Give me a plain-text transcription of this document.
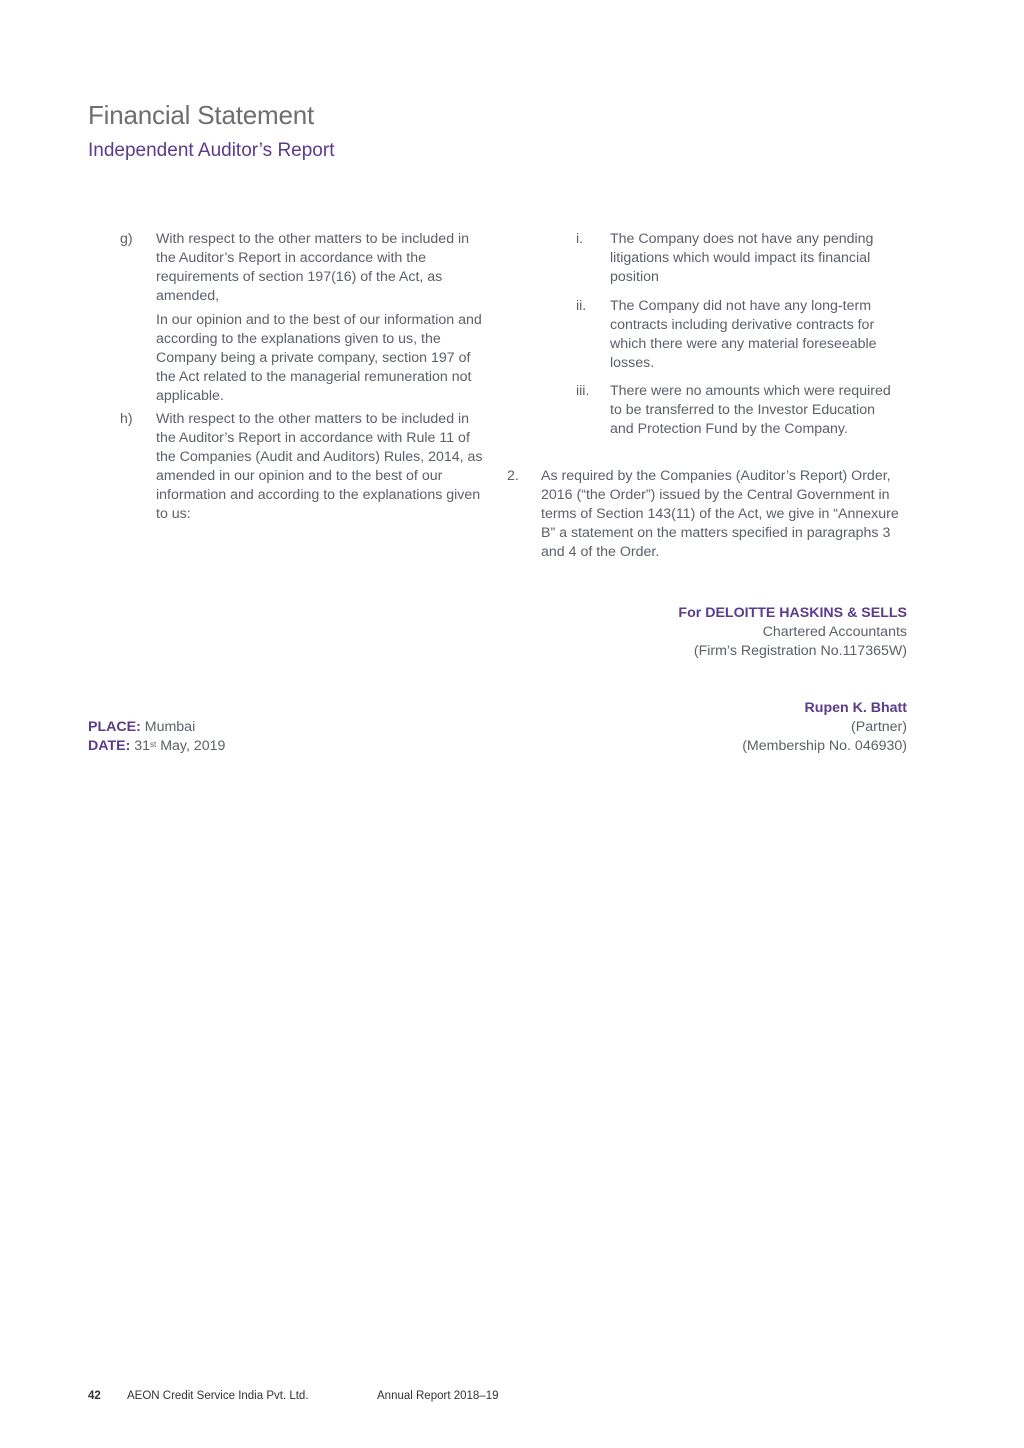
Financial Statement
Independent Auditor’s Report
g) With respect to the other matters to be included in the Auditor’s Report in accordance with the requirements of section 197(16) of the Act, as amended,
In our opinion and to the best of our information and according to the explanations given to us, the Company being a private company, section 197 of the Act related to the managerial remuneration not applicable.
h) With respect to the other matters to be included in the Auditor’s Report in accordance with Rule 11 of the Companies (Audit and Auditors) Rules, 2014, as amended in our opinion and to the best of our information and according to the explanations given to us:
i. The Company does not have any pending litigations which would impact its financial position
ii. The Company did not have any long-term contracts including derivative contracts for which there were any material foreseeable losses.
iii. There were no amounts which were required to be transferred to the Investor Education and Protection Fund by the Company.
2. As required by the Companies (Auditor’s Report) Order, 2016 (“the Order”) issued by the Central Government in terms of Section 143(11) of the Act, we give in “Annexure B” a statement on the matters specified in paragraphs 3 and 4 of the Order.
For DELOITTE HASKINS & SELLS
Chartered Accountants
(Firm’s Registration No.117365W)
Rupen K. Bhatt
(Partner)
(Membership No. 046930)
PLACE: Mumbai
DATE: 31st May, 2019
42 AEON Credit Service India Pvt. Ltd.	Annual Report 2018–19
